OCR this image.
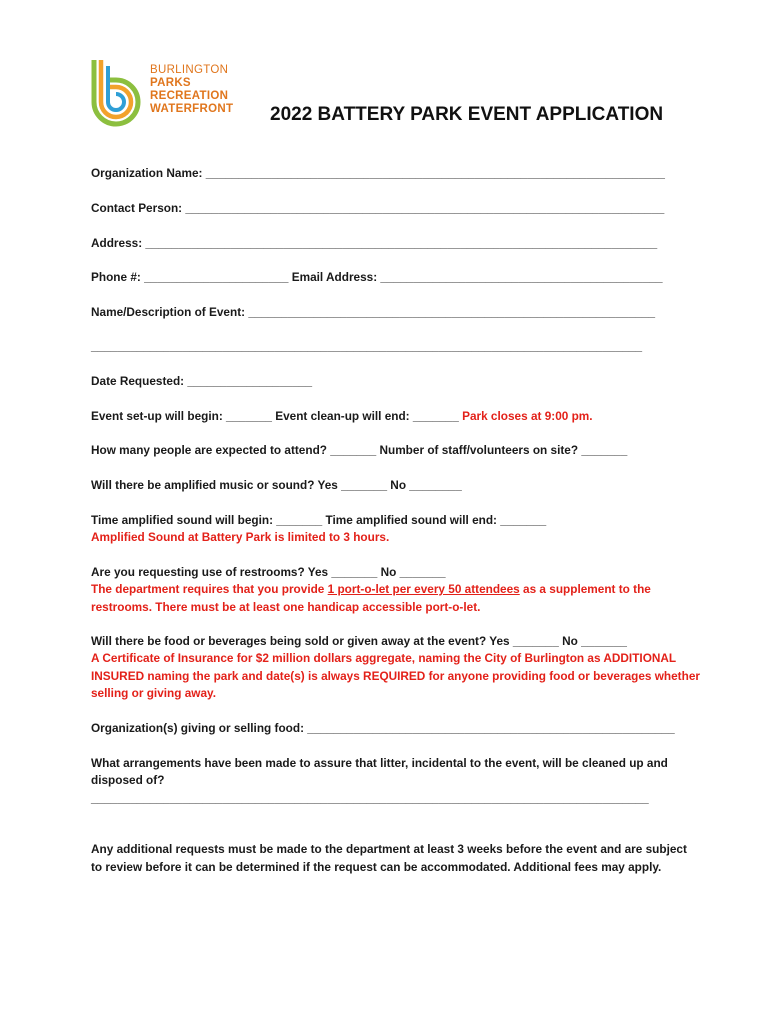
BURLINGTON
PARKS
RECREATION
WATERFRONT 2022 BATTERY PARK EVENT APPLICATION
Organization Name: ______________________________________________________________________
Contact Person: _________________________________________________________________________
Address: ______________________________________________________________________________
Phone #: ______________________ Email Address: ___________________________________________
Name/Description of Event: ______________________________________________________________
____________________________________________________________________________________
Date Requested: ___________________
Event set-up will begin: _______ Event clean-up will end: _______ Park closes at 9:00 pm.
How many people are expected to attend? _______ Number of staff/volunteers on site? _______
Will there be amplified music or sound? Yes _______ No ________
Time amplified sound will begin: _______ Time amplified sound will end: _______
Amplified Sound at Battery Park is limited to 3 hours.
Are you requesting use of restrooms? Yes _______ No _______
The department requires that you provide 1 port-o-let per every 50 attendees as a supplement to the
restrooms. There must be at least one handicap accessible port-o-let.
Will there be food or beverages being sold or given away at the event? Yes _______ No _______
A Certificate of Insurance for $2 million dollars aggregate, naming the City of Burlington as ADDITIONAL
INSURED naming the park and date(s) is always REQUIRED for anyone providing food or beverages whether
selling or giving away.
Organization(s) giving or selling food: ________________________________________________________
What arrangements have been made to assure that litter, incidental to the event, will be cleaned up and
disposed of?
_____________________________________________________________________________________
Any additional requests must be made to the department at least 3 weeks before the event and are subject
to review before it can be determined if the request can be accommodated. Additional fees may apply.
